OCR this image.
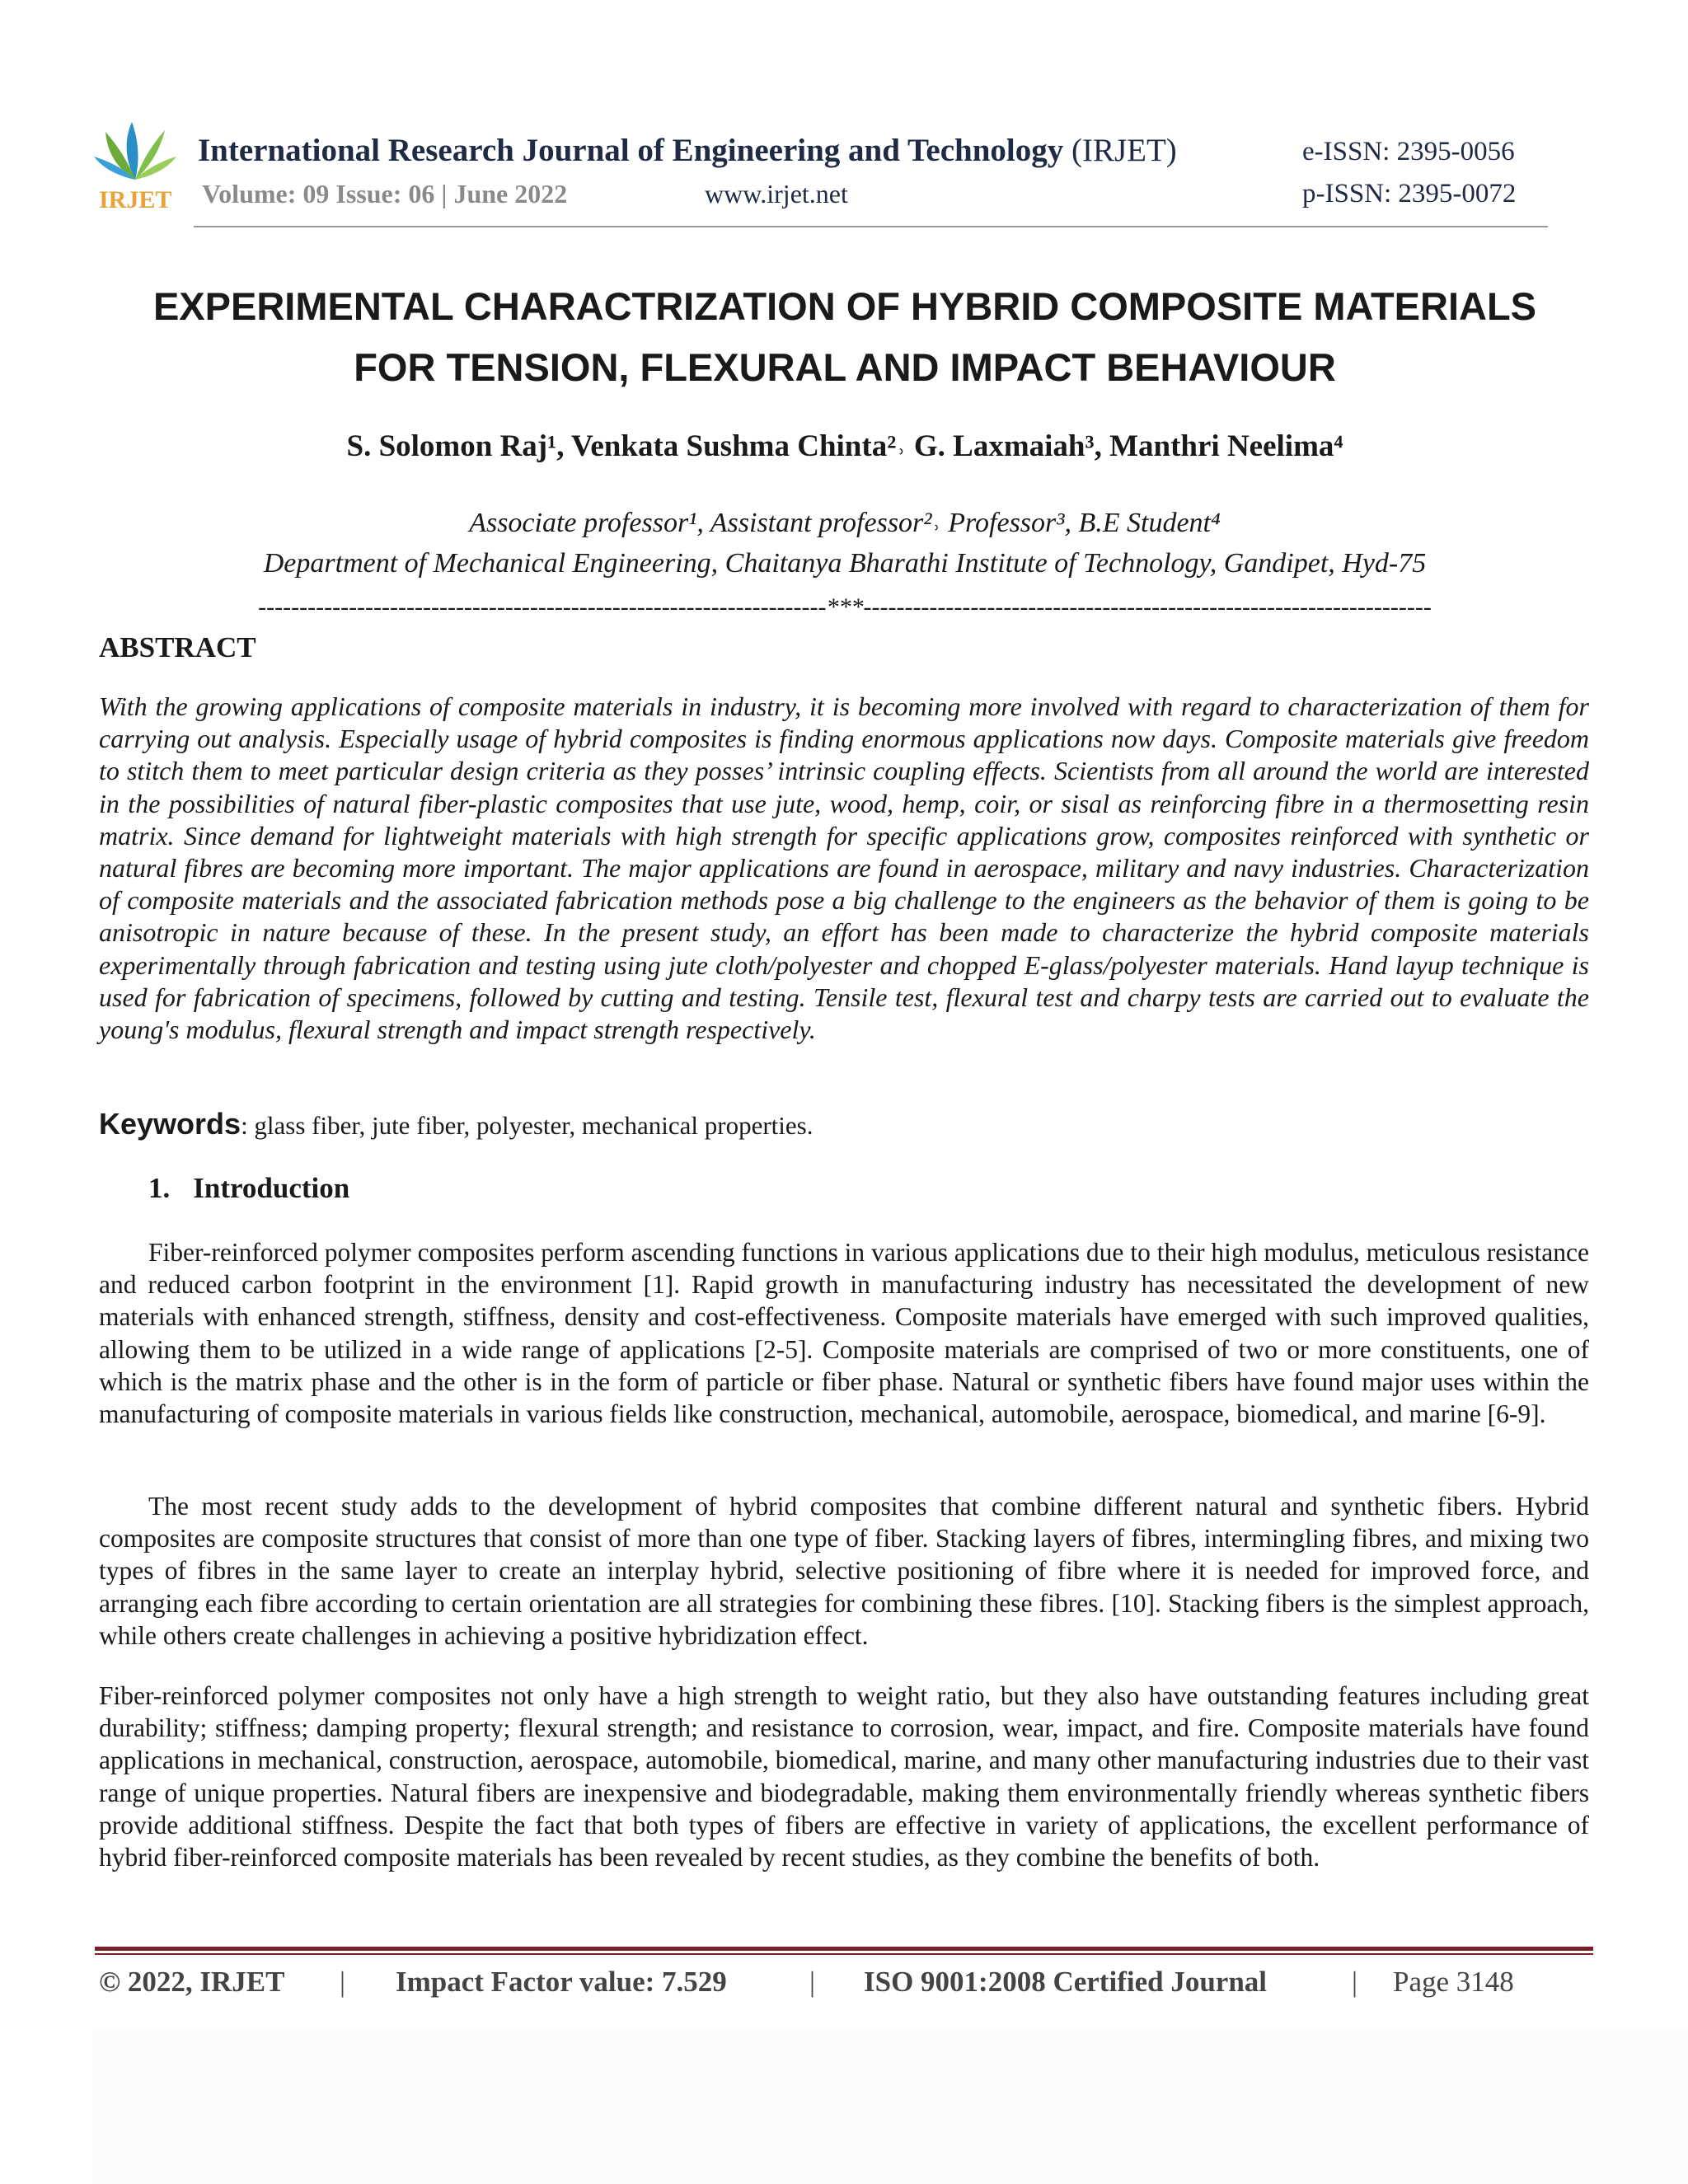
IRJET
International Research Journal of Engineering and Technology (IRJET)	e-ISSN: 2395-0056
Volume: 09 Issue: 06 | June 2022	www.irjet.net	p-ISSN: 2395-0072
EXPERIMENTAL CHARACTRIZATION OF HYBRID COMPOSITE MATERIALS
FOR TENSION, FLEXURAL AND IMPACT BEHAVIOUR
S. Solomon Raj¹, Venkata Sushma Chinta²˒ G. Laxmaiah³, Manthri Neelima⁴
Associate professor¹, Assistant professor²˒ Professor³, B.E Student⁴
Department of Mechanical Engineering, Chaitanya Bharathi Institute of Technology, Gandipet, Hyd-75
---------------------------------------------------------------------***---------------------------------------------------------------------
ABSTRACT
With the growing applications of composite materials in industry, it is becoming more involved with regard to characterization of them for carrying out analysis. Especially usage of hybrid composites is finding enormous applications now days. Composite materials give freedom to stitch them to meet particular design criteria as they posses’ intrinsic coupling effects. Scientists from all around the world are interested in the possibilities of natural fiber-plastic composites that use jute, wood, hemp, coir, or sisal as reinforcing fibre in a thermosetting resin matrix. Since demand for lightweight materials with high strength for specific applications grow, composites reinforced with synthetic or natural fibres are becoming more important. The major applications are found in aerospace, military and navy industries. Characterization of composite materials and the associated fabrication methods pose a big challenge to the engineers as the behavior of them is going to be anisotropic in nature because of these. In the present study, an effort has been made to characterize the hybrid composite materials experimentally through fabrication and testing using jute cloth/polyester and chopped E-glass/polyester materials. Hand layup technique is used for fabrication of specimens, followed by cutting and testing. Tensile test, flexural test and charpy tests are carried out to evaluate the young's modulus, flexural strength and impact strength respectively.
Keywords: glass fiber, jute fiber, polyester, mechanical properties.
1. Introduction
Fiber-reinforced polymer composites perform ascending functions in various applications due to their high modulus, meticulous resistance and reduced carbon footprint in the environment [1]. Rapid growth in manufacturing industry has necessitated the development of new materials with enhanced strength, stiffness, density and cost-effectiveness. Composite materials have emerged with such improved qualities, allowing them to be utilized in a wide range of applications [2-5]. Composite materials are comprised of two or more constituents, one of which is the matrix phase and the other is in the form of particle or fiber phase. Natural or synthetic fibers have found major uses within the manufacturing of composite materials in various fields like construction, mechanical, automobile, aerospace, biomedical, and marine [6-9].
The most recent study adds to the development of hybrid composites that combine different natural and synthetic fibers. Hybrid composites are composite structures that consist of more than one type of fiber. Stacking layers of fibres, intermingling fibres, and mixing two types of fibres in the same layer to create an interplay hybrid, selective positioning of fibre where it is needed for improved force, and arranging each fibre according to certain orientation are all strategies for combining these fibres. [10]. Stacking fibers is the simplest approach, while others create challenges in achieving a positive hybridization effect.
Fiber-reinforced polymer composites not only have a high strength to weight ratio, but they also have outstanding features including great durability; stiffness; damping property; flexural strength; and resistance to corrosion, wear, impact, and fire. Composite materials have found applications in mechanical, construction, aerospace, automobile, biomedical, marine, and many other manufacturing industries due to their vast range of unique properties. Natural fibers are inexpensive and biodegradable, making them environmentally friendly whereas synthetic fibers provide additional stiffness. Despite the fact that both types of fibers are effective in variety of applications, the excellent performance of hybrid fiber-reinforced composite materials has been revealed by recent studies, as they combine the benefits of both.
© 2022, IRJET | Impact Factor value: 7.529	| ISO 9001:2008 Certified Journal	| Page 3148
